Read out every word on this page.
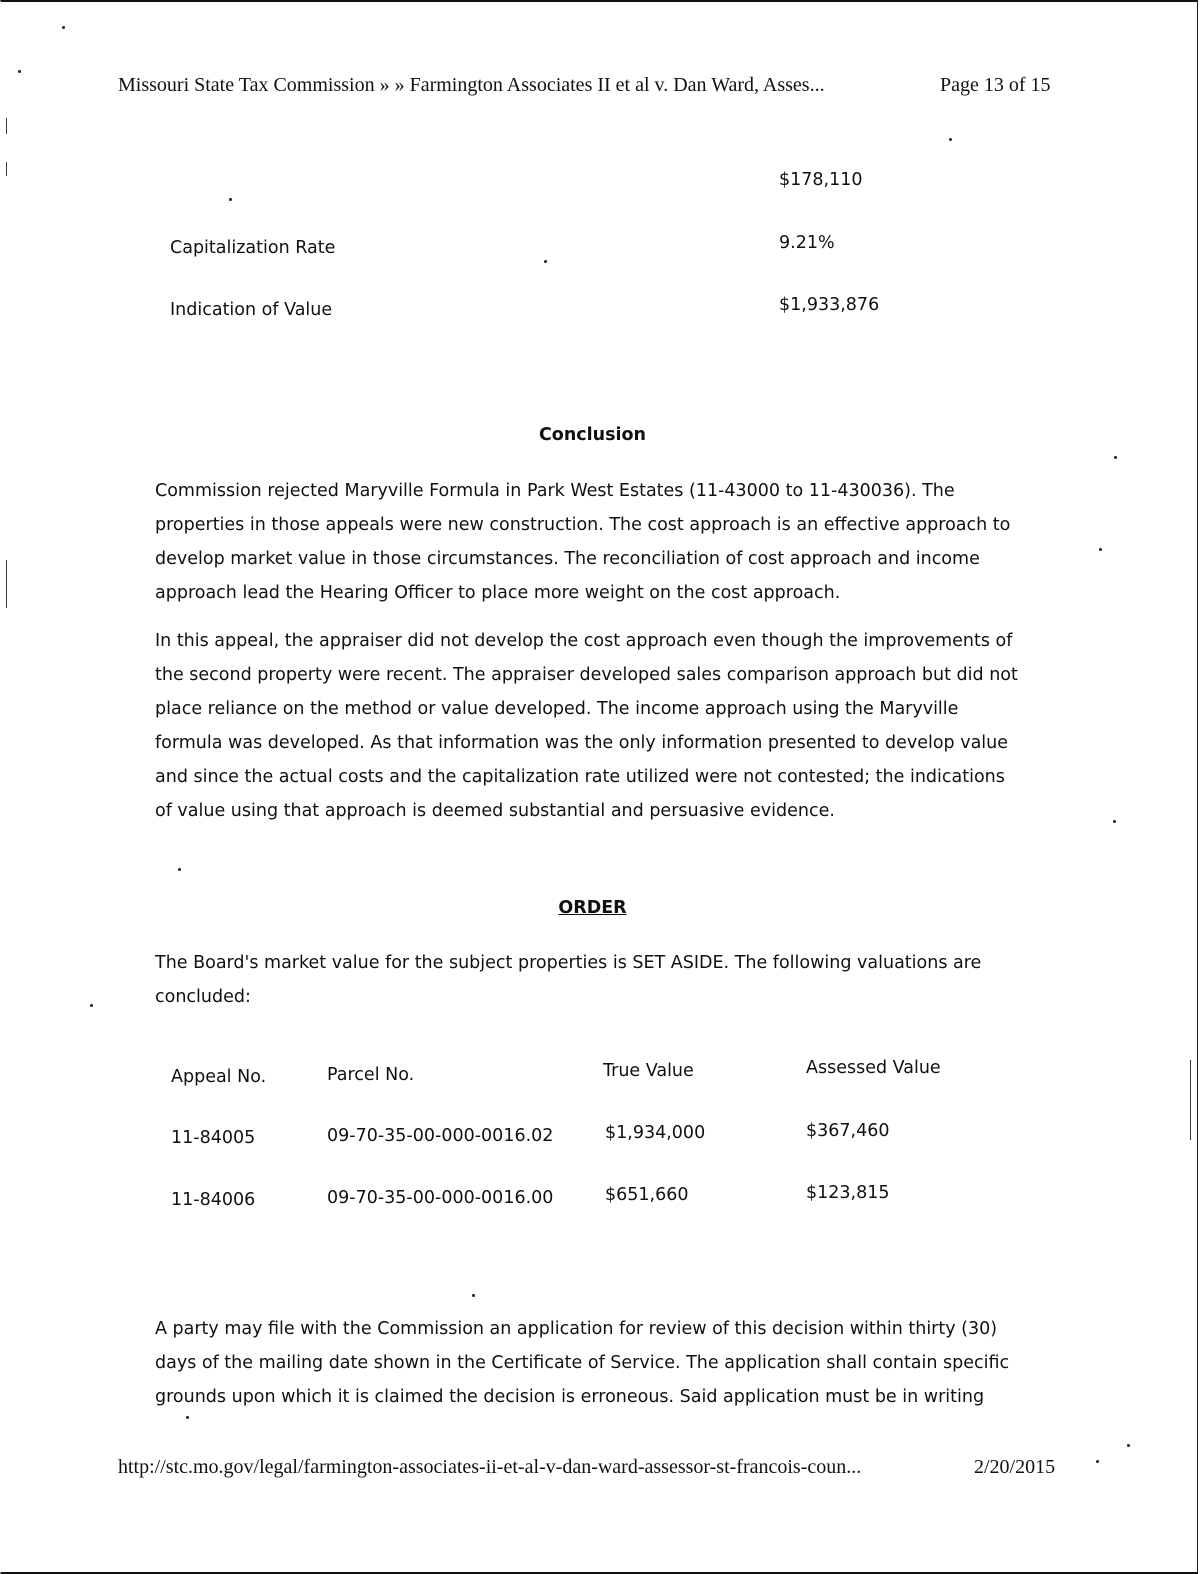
Missouri State Tax Commission » » Farmington Associates II et al v. Dan Ward, Asses...	Page 13 of 15
$178,110
Capitalization Rate	9.21%
Indication of Value	$1,933,876
Conclusion

Commission rejected Maryville Formula in Park West Estates (11-43000 to 11-430036). The properties in those appeals were new construction. The cost approach is an effective approach to develop market value in those circumstances. The reconciliation of cost approach and income approach lead the Hearing Officer to place more weight on the cost approach.

In this appeal, the appraiser did not develop the cost approach even though the improvements of the second property were recent. The appraiser developed sales comparison approach but did not place reliance on the method or value developed. The income approach using the Maryville formula was developed. As that information was the only information presented to develop value and since the actual costs and the capitalization rate utilized were not contested; the indications of value using that approach is deemed substantial and persuasive evidence.

ORDER

The Board's market value for the subject properties is SET ASIDE. The following valuations are concluded:

Appeal No.	Parcel No.	True Value	Assessed Value
11-84005	09-70-35-00-000-0016.02	$1,934,000	$367,460
11-84006	09-70-35-00-000-0016.00	$651,660	$123,815

A party may file with the Commission an application for review of this decision within thirty (30) days of the mailing date shown in the Certificate of Service. The application shall contain specific grounds upon which it is claimed the decision is erroneous. Said application must be in writing

http://stc.mo.gov/legal/farmington-associates-ii-et-al-v-dan-ward-assessor-st-francois-coun...	2/20/2015
